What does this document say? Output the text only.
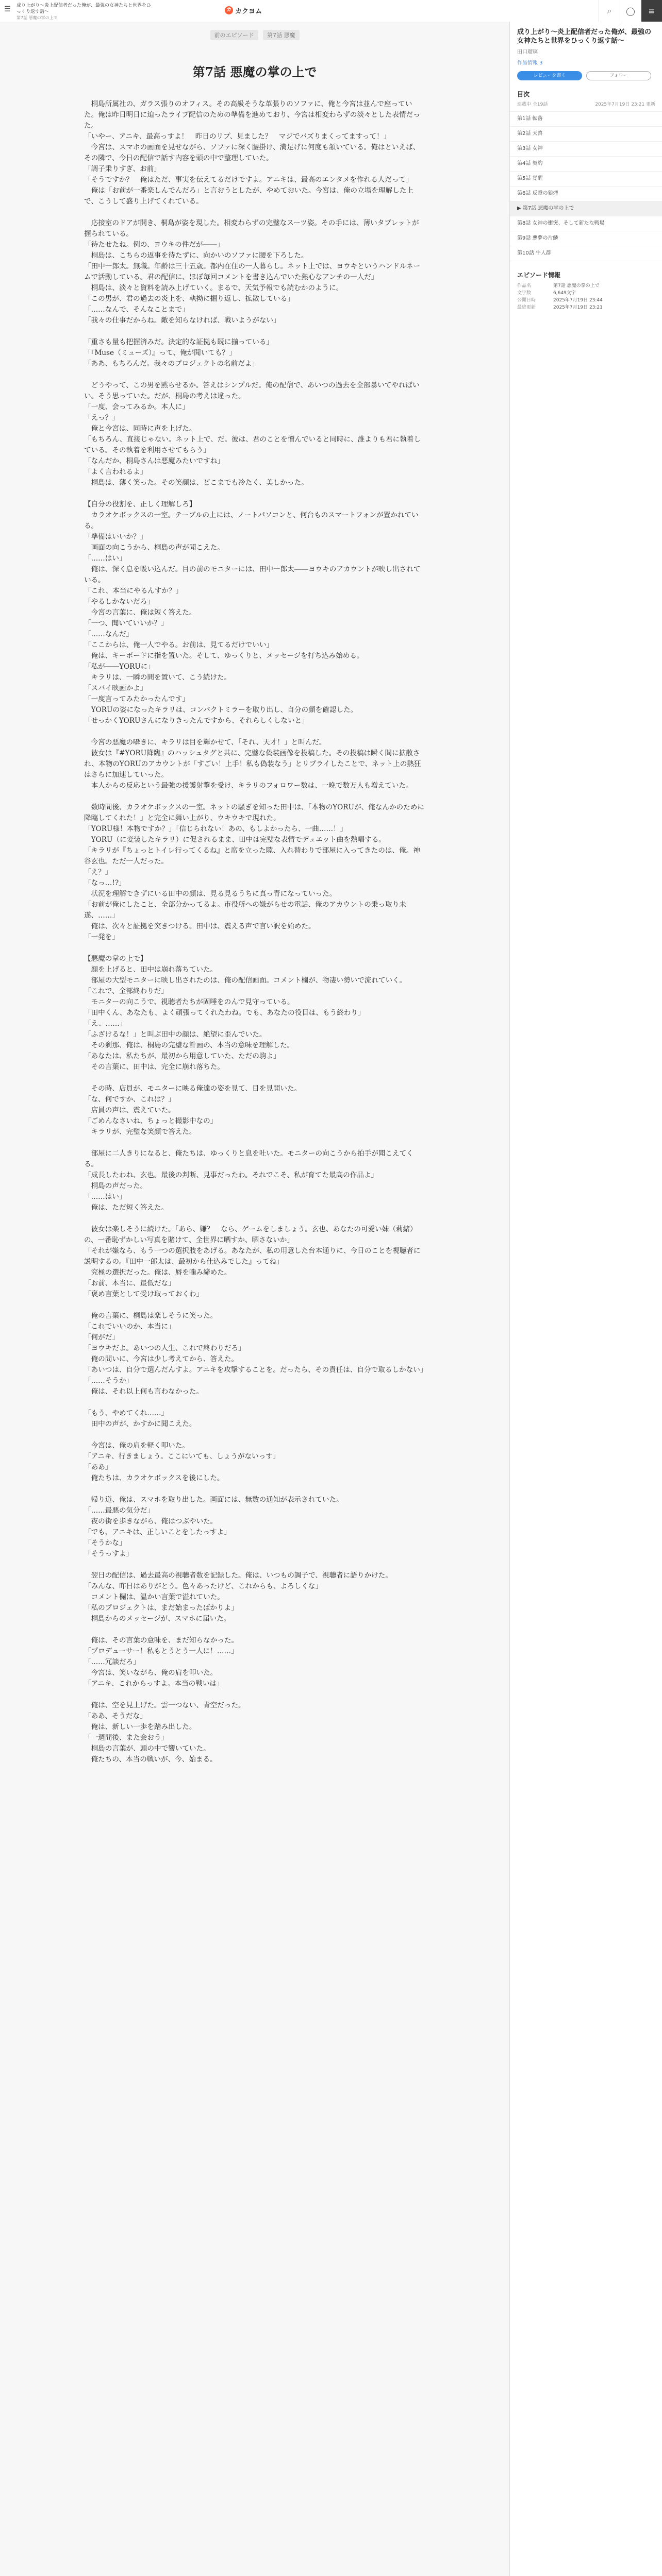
☰	成り上がり～炎上配信者だった俺が、最強の女神たちと世界をひっくり返す話～
第7話 悪魔の掌の上で
カ カクヨム	⌕	◯	≡
前のエピソード 第7話 悪魔
第7話 悪魔の掌の上で

　桐島所属社の、ガラス張りのオフィス。その高級そうな革張りのソファに、俺と今宮は並んで座っていた。俺は昨日明日に迫ったライブ配信のための準備を進めており、今宮は相変わらずの淡々とした表情だった。

「いやー、アニキ、最高っすよ！　昨日のリプ、見ました？　マジでバズりまくってますって！」

　今宮は、スマホの画面を見せながら、ソファに深く腰掛け、満足げに何度も頷いている。俺はといえば、その隣で、今日の配信で話す内容を頭の中で整理していた。

「調子乗りすぎ、お前」

「そうですか？　俺はただ、事実を伝えてるだけですよ。アニキは、最高のエンタメを作れる人だって」

　俺は「お前が一番楽しんでんだろ」と言おうとしたが、やめておいた。今宮は、俺の立場を理解した上で、こうして盛り上げてくれている。

　応接室のドアが開き、桐島が姿を現した。相変わらずの完璧なスーツ姿。その手には、薄いタブレットが握られている。

「待たせたね。例の、ヨウキの件だが――」

　桐島は、こちらの返事を待たずに、向かいのソファに腰を下ろした。

「田中一郎太。無職。年齢は三十五歳。都内在住の一人暮らし。ネット上では、ヨウキというハンドルネームで活動している。君の配信に、ほぼ毎回コメントを書き込んでいた熱心なアンチの一人だ」

　桐島は、淡々と資料を読み上げていく。まるで、天気予報でも読むかのように。

「この男が、君の過去の炎上を、執拗に掘り返し、拡散している」

「……なんで、そんなことまで」

「我々の仕事だからね。敵を知らなければ、戦いようがない」

「重さも量も把握済みだ。決定的な証拠も既に揃っている」

「『Muse（ミューズ）』って、俺が聞いても？」

「ああ、もちろんだ。我々のプロジェクトの名前だよ」

　どうやって、この男を黙らせるか。答えはシンプルだ。俺の配信で、あいつの過去を全部暴いてやればいい。そう思っていた。だが、桐島の考えは違った。

「一度、会ってみるか。本人に」

「えっ？」

　俺と今宮は、同時に声を上げた。

「もちろん、直接じゃない。ネット上で、だ。彼は、君のことを憎んでいると同時に、誰よりも君に執着している。その執着を利用させてもらう」

「なんだか、桐島さんは悪魔みたいですね」

「よく言われるよ」

　桐島は、薄く笑った。その笑顔は、どこまでも冷たく、美しかった。

【自分の役割を、正しく理解しろ】

　カラオケボックスの一室。テーブルの上には、ノートパソコンと、何台ものスマートフォンが置かれている。

「準備はいいか？」

　画面の向こうから、桐島の声が聞こえた。

「……はい」

　俺は、深く息を吸い込んだ。目の前のモニターには、田中一郎太――ヨウキのアカウントが映し出されている。

「これ、本当にやるんすか？」

「やるしかないだろ」

　今宮の言葉に、俺は短く答えた。

「一つ、聞いていいか？」

「……なんだ」

「ここからは、俺一人でやる。お前は、見てるだけでいい」

　俺は、キーボードに指を置いた。そして、ゆっくりと、メッセージを打ち込み始める。

「私が――YORUに」

　キラリは、一瞬の間を置いて、こう続けた。

「スバイ映画かよ」

「一度言ってみたかったんです」

　YORUの姿になったキラリは、コンパクトミラーを取り出し、自分の顔を確認した。

「せっかくYORUさんになりきったんですから、それらしくしないと」

　今宮の悪魔の囁きに、キラリは目を輝かせて、「それ、天才！」と叫んだ。

　彼女は『#YORU降臨』のハッシュタグと共に、完璧な偽装画像を投稿した。その投稿は瞬く間に拡散され、本物のYORUのアカウントが「すごい！上手！私も偽装なう」とリプライしたことで、ネット上の熱狂はさらに加速していった。

　本人からの反応という最強の援護射撃を受け、キラリのフォロワー数は、一晩で数万人も増えていた。

　数時間後、カラオケボックスの一室。ネットの騒ぎを知った田中は、「本物のYORUが、俺なんかのために降臨してくれた！」と完全に舞い上がり、ウキウキで現れた。

「YORU様！本物ですか？」「信じられない！あの、もしよかったら、一曲……！」

　YORU（に変装したキラリ）に促されるまま、田中は完璧な表情でデュエット曲を熱唱する。

「キラリが『ちょっとトイレ行ってくるね』と席を立った隙、入れ替わりで部屋に入ってきたのは、俺。神谷玄也。ただ一人だった。

「え？」

「なっ…!?」

　状況を理解できずにいる田中の顔は、見る見るうちに真っ青になっていった。

「お前が俺にしたこと、全部分かってるよ。市役所への嫌がらせの電話、俺のアカウントの乗っ取り未遂、……」

　俺は、次々と証拠を突きつける。田中は、震える声で言い訳を始めた。

「一発を」

【悪魔の掌の上で】

　顔を上げると、田中は崩れ落ちていた。

　部屋の大型モニターに映し出されたのは、俺の配信画面。コメント欄が、物凄い勢いで流れていく。

「これで、全部終わりだ」

　モニターの向こうで、視聴者たちが固唾をのんで見守っている。

「田中くん、あなたも、よく頑張ってくれたわね。でも、あなたの役目は、もう終わり」

「え、……」

「ふざけるな！」と叫ぶ田中の顔は、絶望に歪んでいた。

　その刹那、俺は、桐島の完璧な計画の、本当の意味を理解した。

「あなたは、私たちが、最初から用意していた、ただの駒よ」

　その言葉に、田中は、完全に崩れ落ちた。

　その時、店員が、モニターに映る俺達の姿を見て、目を見開いた。

「な、何ですか、これは？」

　店員の声は、震えていた。

「ごめんなさいね、ちょっと撮影中なの」

　キラリが、完璧な笑顔で答えた。

　部屋に二人きりになると、俺たちは、ゆっくりと息を吐いた。モニターの向こうから拍手が聞こえてくる。

「成長したわね、玄也。最後の判断、見事だったわ。それでこそ、私が育てた最高の作品よ」

　桐島の声だった。

「……はい」

　俺は、ただ短く答えた。

　彼女は楽しそうに続けた。「あら、嫌？　なら、ゲームをしましょう。玄也、あなたの可愛い妹（莉緒）の、一番恥ずかしい写真を賭けて、全世界に晒すか、晒さないか」

「それが嫌なら、もう一つの選択肢をあげる。あなたが、私の用意した台本通りに、今日のことを視聴者に説明するの。『田中一郎太は、最初から仕込みでした』ってね」

　究極の選択だった。俺は、唇を噛み締めた。

「お前、本当に、最低だな」

「褒め言葉として受け取っておくわ」

　俺の言葉に、桐島は楽しそうに笑った。

「これでいいのか、本当に」

「何がだ」

「ヨウキだよ。あいつの人生、これで終わりだろ」

　俺の問いに、今宮は少し考えてから、答えた。

「あいつは、自分で選んだんすよ。アニキを攻撃することを。だったら、その責任は、自分で取るしかない」

「……そうか」

　俺は、それ以上何も言わなかった。

「もう、やめてくれ……」

　田中の声が、かすかに聞こえた。

　今宮は、俺の肩を軽く叩いた。

「アニキ、行きましょう。ここにいても、しょうがないっす」

「ああ」

　俺たちは、カラオケボックスを後にした。

　帰り道、俺は、スマホを取り出した。画面には、無数の通知が表示されていた。

「……最悪の気分だ」

　夜の街を歩きながら、俺はつぶやいた。

「でも、アニキは、正しいことをしたっすよ」

「そうかな」

「そうっすよ」

　翌日の配信は、過去最高の視聴者数を記録した。俺は、いつもの調子で、視聴者に語りかけた。

「みんな、昨日はありがとう。色々あったけど、これからも、よろしくな」

　コメント欄は、温かい言葉で溢れていた。

「私のプロジェクトは、まだ始まったばかりよ」

　桐島からのメッセージが、スマホに届いた。

　俺は、その言葉の意味を、まだ知らなかった。

「プロデューサー！私もとうとう一人に！……」

「……冗談だろ」

　今宮は、笑いながら、俺の肩を叩いた。

「アニキ、これからっすよ。本当の戦いは」

　俺は、空を見上げた。雲一つない、青空だった。

「ああ、そうだな」

　俺は、新しい一歩を踏み出した。

「一週間後、また会おう」

　桐島の言葉が、頭の中で響いていた。

　俺たちの、本当の戦いが、今、始まる。

成り上がり～炎上配信者だった俺が、最強の女神たちと世界をひっくり返す話～
田口瑠璃
作品情報 3
レビューを書く	フォロー
目次
連載中 全19話	2025年7月19日 23:21 更新
第1話 転落
第2話 天啓
第3話 女神
第4話 契約
第5話 覚醒
第6話 反撃の狼煙
▶ 第7話 悪魔の掌の上で
第8話 女神の衝突、そして新たな戦場
第9話 悪夢の片鱗
第10話 牛人群
エピソード情報
作品名	第7話 悪魔の掌の上で
文字数	6,649文字
公開日時	2025年7月19日 23:44
最終更新	2025年7月19日 23:21
